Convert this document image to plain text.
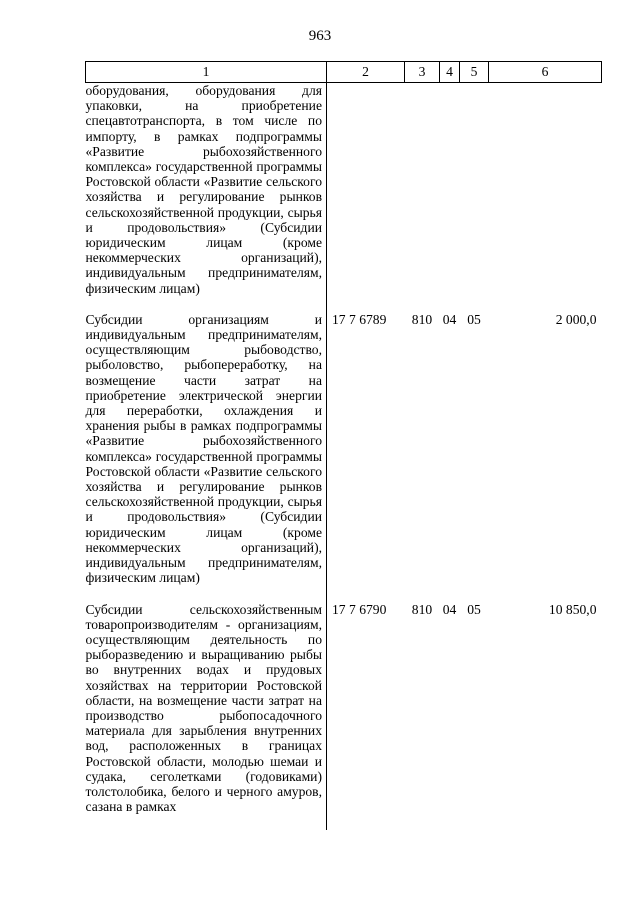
963
1	2	3	4	5	6
оборудования, оборудования для упаковки, на приобретение спецавтотранспорта, в том числе по импорту, в рамках подпрограммы «Развитие рыбохозяйственного комплекса» государственной программы Ростовской области «Развитие сельского хозяйства и регулирование рынков сельскохозяйственной продукции, сырья и продовольствия» (Субсидии юридическим лицам (кроме некоммерческих организаций), индивидуальным предпринимателям, физическим лицам)					
Субсидии организациям и индивидуальным предпринимателям, осуществляющим рыбоводство, рыболовство, рыбопереработку, на возмещение части затрат на приобретение электрической энергии для переработки, охлаждения и хранения рыбы в рамках подпрограммы «Развитие рыбохозяйственного комплекса» государственной программы Ростовской области «Развитие сельского хозяйства и регулирование рынков сельскохозяйственной продукции, сырья и продовольствия» (Субсидии юридическим лицам (кроме некоммерческих организаций), индивидуальным предпринимателям, физическим лицам)	17 7 6789	810	04	05	2 000,0
Субсидии сельскохозяйственным товаропроизводителям - организациям, осуществляющим деятельность по рыборазведению и выращиванию рыбы во внутренних водах и прудовых хозяйствах на территории Ростовской области, на возмещение части затрат на производство рыбопосадочного материала для зарыбления внутренних вод, расположенных в границах Ростовской области, молодью шемаи и судака, сеголетками (годовиками) толстолобика, белого и черного амуров, сазана в рамках	17 7 6790	810	04	05	10 850,0
